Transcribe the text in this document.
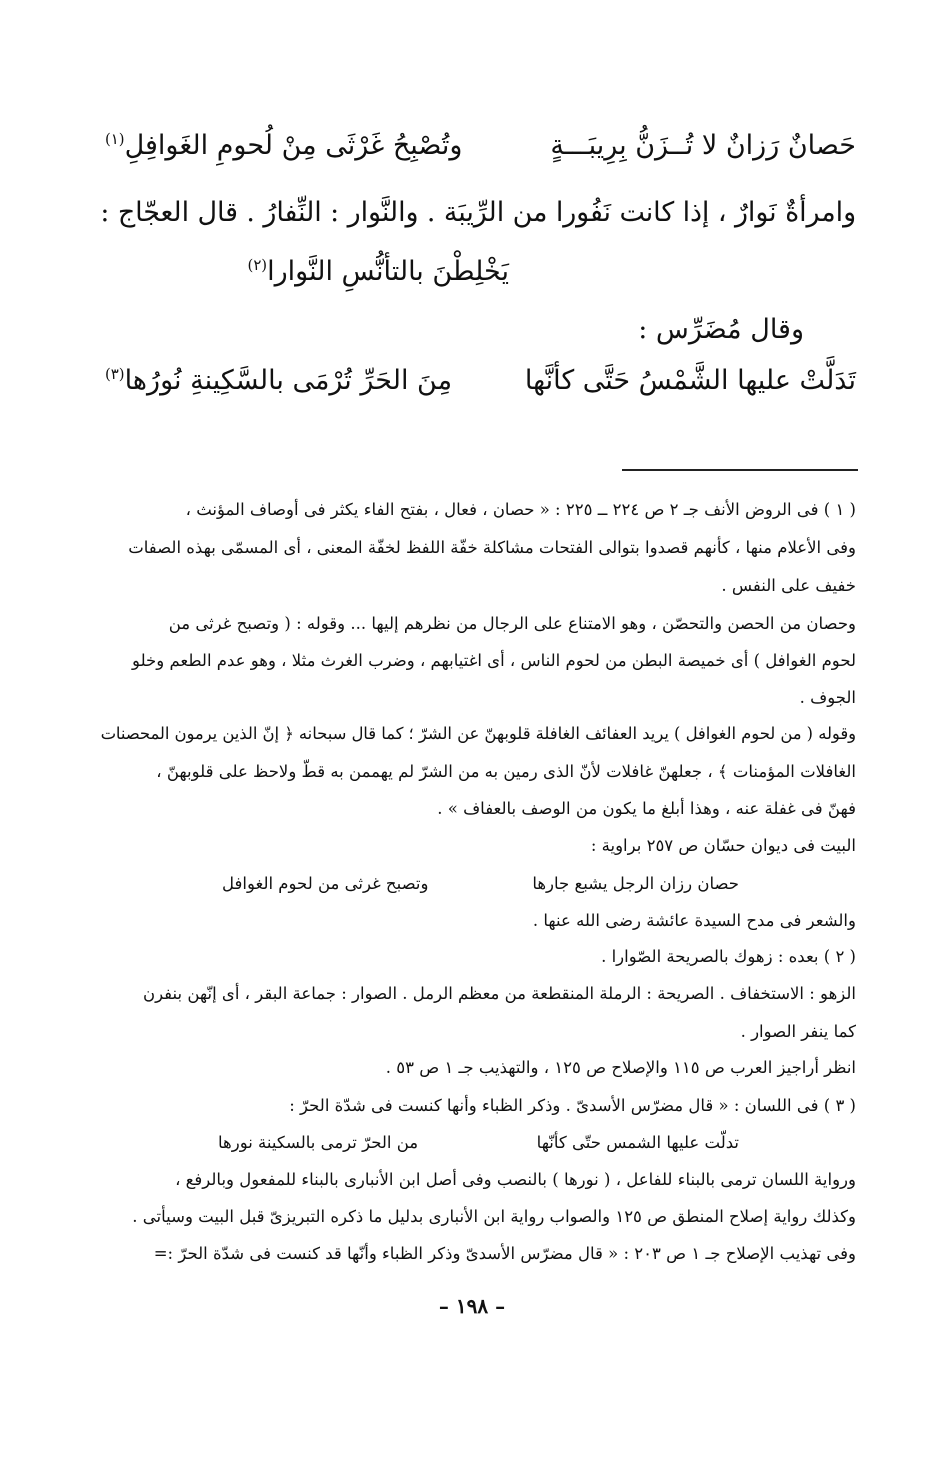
حَصانٌ رَزانٌ لا تُــزَنُّ بِرِيبَـــةٍ
وتُصْبِحُ غَرْثَى مِنْ لُحومِ الغَوافِلِ$^{(١)}$
وامرأةٌ نَوارٌ ، إذا كانت نَفُورا من الرِّيبَة . والنَّوار : النِّفارُ . قال العجّاج :
يَخْلِطْنَ بالتأنُّسِ النَّوارا$^{(٢)}$
وقال مُضَرِّس :
تَدَلَّتْ عليها الشَّمْسُ حَتَّى كأنَّها
مِنَ الحَرِّ تُرْمَى بالسَّكِينةِ نُورُها$^{(٣)}$
( ١ ) فى الروض الأنف جـ ٢ ص ٢٢٤ ــ ٢٢٥ : « حصان ، فعال ، بفتح الفاء يكثر فى أوصاف المؤنث ،
وفى الأعلام منها ، كأنهم قصدوا بتوالى الفتحات مشاكلة خفّة اللفظ لخفّة المعنى ، أى المسمّى بهذه الصفات
خفيف على النفس .
وحصان من الحصن والتحصّن ، وهو الامتناع على الرجال من نظرهم إليها ... وقوله : ( وتصبح غرثى من
لحوم الغوافل ) أى خميصة البطن من لحوم الناس ، أى اغتيابهم ، وضرب الغرث مثلا ، وهو عدم الطعم وخلو
الجوف .
وقوله ( من لحوم الغوافل ) يريد العفائف الغافلة قلوبهنّ عن الشرّ ؛ كما قال سبحانه ﴿ إنّ الذين يرمون المحصنات
الغافلات المؤمنات ﴾ ، جعلهنّ غافلات لأنّ الذى رمين به من الشرّ لم يهممن به قطّ ولاحظ على قلوبهنّ ،
فهنّ فى غفلة عنه ، وهذا أبلغ ما يكون من الوصف بالعفاف » .
البيت فى ديوان حسّان ص ٢٥٧ براوية :
حصان رزان الرجل يشبع جارها
وتصبح غرثى من لحوم الغوافل
والشعر فى مدح السيدة عائشة رضى الله عنها .
( ٢ ) بعده : زهوك بالصريحة الصّوارا .
الزهو : الاستخفاف . الصريحة : الرملة المنقطعة من معظم الرمل . الصوار : جماعة البقر ، أى إنّهن بنفرن
كما ينفر الصوار .
انظر أراجيز العرب ص ١١٥ والإصلاح ص ١٢٥ ، والتهذيب جـ ١ ص ٥٣ .
( ٣ ) فى اللسان : « قال مضرّس الأسدىّ . وذكر الظباء وأنها كنست فى شدّة الحرّ :
تدلّت عليها الشمس حتّى كأنّها
من الحرّ ترمى بالسكينة نورها
ورواية اللسان ترمى بالبناء للفاعل ، ( نورها ) بالنصب وفى أصل ابن الأنبارى بالبناء للمفعول وبالرفع ،
وكذلك رواية إصلاح المنطق ص ١٢٥ والصواب رواية ابن الأنبارى بدليل ما ذكره التبريزىّ قبل البيت وسيأتى .
وفى تهذيب الإصلاح جـ ١ ص ٢٠٣ : « قال مضرّس الأسدىّ وذكر الظباء وأنّها قد كنست فى شدّة الحرّ :=
– ١٩٨ –
